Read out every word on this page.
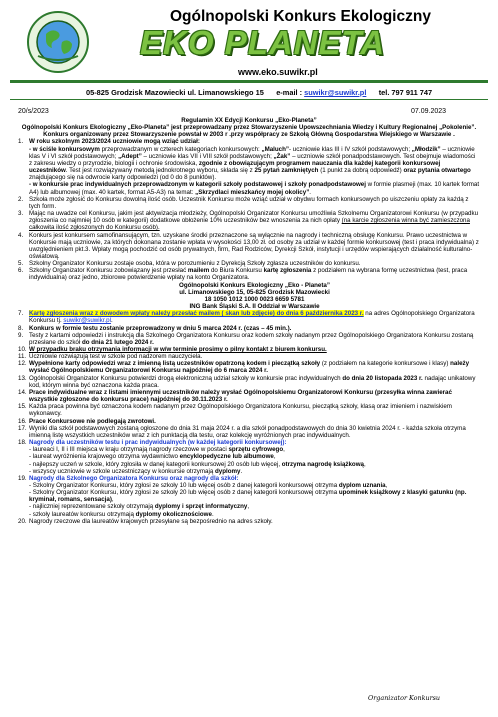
Ogólnopolski Konkurs Ekologiczny
EKO PLANETA
www.eko.suwikr.pl
05-825 Grodzisk Mazowiecki ul. Limanowskiego 15 e-mail : suwikr@suwikr.pl tel. 797 911 747
20/s/2023	07.09.2023
Regulamin XX Edycji Konkursu „Eko-Planeta”

Ogólnopolski Konkurs Ekologiczny „Eko-Planeta” jest przeprowadzany przez Stowarzyszenie Upowszechniania Wiedzy i Kultury Regionalnej „Pokolenie”. Konkurs organizowany przez Stowarzyszenie powstał w 2003 r .przy współpracy ze Szkołą Główną Gospodarstwa Wiejskiego w Warszawie .

1. W roku szkolnym 2023/2024 uczniowie mogą wziąć udział:
- w ściśle konkursowym przeprowadzanym w czterech kategoriach konkursowych: „Maluch”- uczniowie klas III i IV szkół podstawowych; „Młodzik” – uczniowie klas V i VI szkół podstawowych; „Adept” – uczniowie klas VII i VIII szkół podstawowych; „Żak” – uczniowie szkół ponadpodstawowych. Test obejmuje wiadomości z zakresu wiedzy o przyrodzie, biologii i ochronie środowiska, zgodnie z obowiązującym programem nauczania dla każdej kategorii konkursowej uczestników. Test jest rozwiązywany metodą jednokrotnego wyboru, składa się z 25 pytań zamkniętych (1 punkt za dobrą odpowiedź) oraz pytania otwartego znajdującego się na odwrocie karty odpowiedzi (od 0 do 8 punktów).
- w konkursie prac indywidualnych przeprowadzonym w kategorii szkoły podstawowej i szkoły ponadpodstawowej w formie plasmeji (max. 10 kartek format A4) lub albumowej (max. 40 kartek, format A5-A3) na temat: „Skrzydlaci mieszkańcy mojej okolicy”.
2. Szkoła może zgłosić do Konkursu dowolną ilość osób. Uczestnik Konkursu może wziąć udział w obydwu formach konkursowych po uiszczeniu opłaty za każdą z tych form.
3. Mając na uwadze cel Konkursu, jakim jest aktywizacja młodzieży, Ogólnopolski Organizator Konkursu umożliwia Szkolnemu Organizatorowi Konkursu (w przypadku zgłoszenia co najmniej 10 osób w kategorii) dodatkowe obłożenie 10% uczestników bez wnoszenia za nich opłaty (na karcie zgłoszenia winna być zamieszczona całkowita ilość zgłoszonych do Konkursu osób).
4. Konkurs jest konkursem samofinansującym, tzn. uzyskane środki przeznaczone są wyłącznie na nagrody i techniczną obsługę Konkursu. Prawo uczestnictwa w Konkursie mają uczniowie, za których dokonana zostanie wpłata w wysokości 13,00 zł. od osoby za udział w każdej formie konkursowej (test i praca indywidualna) z uwzględnieniem pkt.3. Wpłaty mogą pochodzić od osób prywatnych, firm, Rad Rodziców, Dyrekcji Szkół, instytucji i urzędów wspierających działalność kulturalno-oświatową.
5. Szkolny Organizator Konkursu zostaje osoba, która w porozumieniu z Dyrekcją Szkoły zgłasza uczestników do konkursu.
6. Szkolny Organizator Konkursu zobowiązany jest przesłać mailem do Biura Konkursu kartę zgłoszenia z podziałem na wybrana formę uczestnictwa (test, praca indywidualna) oraz jedno, zbiorowe potwierdzenie wpłaty na konto Organizatora.
Ogólnopolski Konkurs Ekologiczny „Eko - Planeta”
ul. Limanowskiego 15, 05-825 Grodzisk Mazowiecki
18 1050 1012 1000 0023 6659 5781
ING Bank Śląski S.A. II Oddział w Warszawie
7. Kartę zgłoszenia wraz z dowodem wpłaty należy przesłać mailem ( skan lub zdjęcie) do dnia 6 października 2023 r. na adres Ogólnopolskiego Organizatora Konkursu tj. suwikr@suwikr.pl.
8. Konkurs w formie testu zostanie przeprowadzony w dniu 5 marca 2024 r. (czas – 45 min.).
9. Testy z kartami odpowiedzi i instrukcją dla Szkolnego Organizatora Konkursu oraz kodem szkoły nadanym przez Ogólnopolskiego Organizatora Konkursu zostaną przesłane do szkół do dnia 21 lutego 2024 r.
10. W przypadku braku otrzymania informacji w w/w terminie prosimy o pilny kontakt z biurem konkursu.
11. Uczniowie rozwiązują test w szkole pod nadzorem nauczyciela.
12. Wypełnione karty odpowiedzi wraz z imienną listą uczestników opatrzoną kodem i pieczątką szkoły (z podziałem na kategorie konkursowe i klasy) należy wysłać Ogólnopolskiemu Organizatorowi Konkursu najpóźniej do 6 marca 2024 r.
13. Ogólnopolski Organizator Konkursu potwierdzi drogą elektroniczną udział szkoły w konkursie prac indywidualnych do dnia 20 listopada 2023 r. nadając unikatowy kod, którym winna być oznaczona każda praca.
14. Prace indywidualne wraz z listami imiennymi uczestników należy wysłać Ogólnopolskiemu Organizatorowi Konkursu (przesyłka winna zawierać wszystkie zgłoszone do konkursu prace) najpóźniej do 30.11.2023 r.
15. Każda praca powinna być oznaczona kodem nadanym przez Ogólnopolskiego Organizatora Konkursu, pieczątką szkoły, klasą oraz imieniem i nazwiskiem wykonawcy.
16. Prace Konkursowe nie podlegają zwrotowi.
17. Wyniki dla szkół podstawowych zostaną ogłoszone do dnia 31 maja 2024 r. a dla szkół ponadpodstawowych do dnia 30 kwietnia 2024 r. - każda szkoła otrzyma imienną listę wszystkich uczestników wraz z ich punktacją dla testu, oraz kolekcję wyróżnionych prac indywidualnych.
18. Nagrody dla uczestników testu i prac indywidualnych (w każdej kategorii konkursowej):
- laureaci I, II i III miejsca w kraju otrzymają nagrody rzeczowe w postaci sprzętu cyfrowego,
- laureat wyróżnienia krajowego otrzyma wydawnictwo encyklopedyczne lub albumowe,
- najlepszy uczeń w szkole, który zgłosiła w danej kategorii konkursowej 20 osób lub więcej, otrzyma nagrodę książkową,
- wszyscy uczniowie w szkole uczestniczący w konkursie otrzymają dyplomy.
19. Nagrody dla Szkolnego Organizatora Konkursu oraz nagrody dla szkół:
- Szkolny Organizator Konkursu, który zgłosi ze szkoły 10 lub więcej osób z danej kategorii konkursowej otrzyma dyplom uznania,
- Szkolny Organizator Konkursu, który zgłosi ze szkoły 20 lub więcej osób z danej kategorii konkursowej otrzyma upominek książkowy z klasyki gatunku (np. kryminał, romans, sensacja),
- najliczniej reprezentowane szkoły otrzymają dyplomy i sprzęt informatyczny,
- szkoły laureatów konkursu otrzymają dyplomy okolicznościowe.
20. Nagrody rzeczowe dla laureatów krajowych przesyłane są bezpośrednio na adres szkoły.
Organizator Konkursu
